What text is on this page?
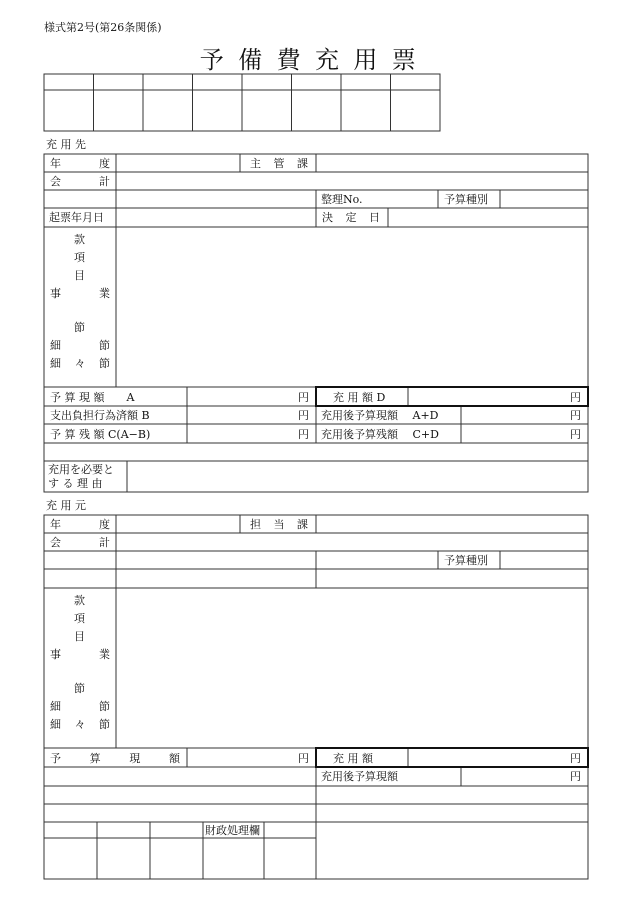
様式第2号(第26条関係)
予備費充用票
充 用 先
年　　度	主 管 課
会　　計
整理No.	予算種別
起票年月日	決 定 日
款
項
目
事　業
節
細　節
細々節
予 算 現 額　　A	円 充 用 額 D	円
支出負担行為済額 B	円 充用後予算現額　 A+D	円
予 算 残 額 C(A−B)	円 充用後予算残額　 C+D	円
充用を必要と
す る 理 由
充 用 元
年　　度	担 当 課
会　　計
予算種別
款
項
目
事　業
節
細　節
細々節
予　算　現　額	円 充 用 額	円
充用後予算現額	円
財政処理欄
